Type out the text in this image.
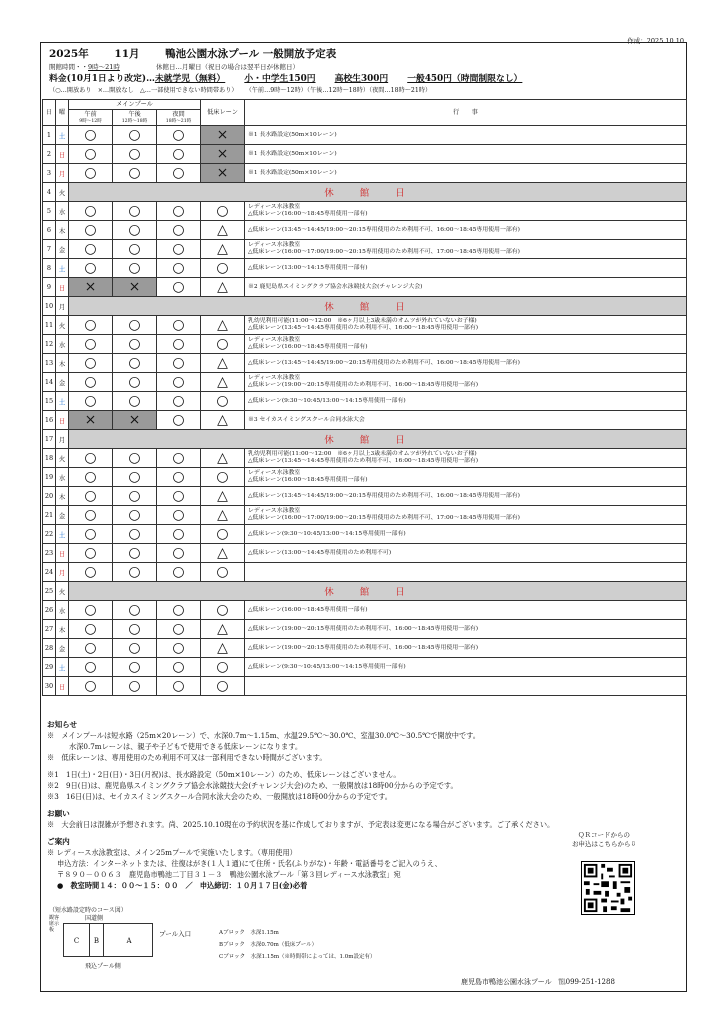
作成：2025.10.10
2025年 11月 鴨池公園水泳プール 一般開放予定表
開館時間・・9時～21時	休館日…月曜日（祝日の場合は翌平日が休館日）
料金(10月1日より改定)…未就学児（無料） 小・中学生150円 高校生300円 一般450円（時間制限なし）
（○…開放あり　×…開放なし　△…一部使用できない時間帯あり） （午前…9時～12時）（午後…12時～18時）（夜間…18時～21時）
日	曜	メインプール			低床レーン	行　　事
		午前
9時～12時	午後
12時～18時	夜間
18時～21時		

1	土	○	○	○	×	※1 長水路設定(50m×10レーン)

2	日	○	○	○	×	※1 長水路設定(50m×10レーン)

3	月	○	○	○	×	※1 長水路設定(50m×10レーン)

4	火	休館日				
5	水	○	○	○	○	レディース水泳教室
△低床レーン(16:00～18:45専用使用一部有)

6	木	○	○	○	△	△低床レーン(13:45～14:45/19:00～20:15専用使用のため利用不可、16:00～18:45専用使用一部有)

7	金	○	○	○	△	レディース水泳教室
△低床レーン(16:00～17:00/19:00～20:15専用使用のため利用不可、17:00～18:45専用使用一部有)

8	土	○	○	○	○	△低床レーン(13:00～14:15専用使用一部有)

9	日	×	×	○	△	※2 鹿児島県スイミングクラブ協会水泳競技大会(チャレンジ大会)

10	月	休館日				
11	火	○	○	○	△	乳幼児利用可能(11:00～12:00　※6ヶ月以上3歳未満のオムツが外れていないお子様)
△低床レーン(13:45～14:45専用使用のため利用不可、16:00～18:45専用使用一部有)

12	水	○	○	○	○	レディース水泳教室
△低床レーン(16:00～18:45専用使用一部有)

13	木	○	○	○	△	△低床レーン(13:45～14:45/19:00～20:15専用使用のため利用不可、16:00～18:45専用使用一部有)

14	金	○	○	○	△	レディース水泳教室
△低床レーン(19:00～20:15専用使用のため利用不可、16:00～18:45専用使用一部有)

15	土	○	○	○	○	△低床レーン(9:30～10:45/13:00～14:15専用使用一部有)

16	日	×	×	○	△	※3 セイカスイミングスクール合同水泳大会

17	月	休館日				
18	火	○	○	○	△	乳幼児利用可能(11:00～12:00　※6ヶ月以上3歳未満のオムツが外れていないお子様)
△低床レーン(13:45～14:45専用使用のため利用不可、16:00～18:45専用使用一部有)

19	水	○	○	○	○	レディース水泳教室
△低床レーン(16:00～18:45専用使用一部有)

20	木	○	○	○	△	△低床レーン(13:45～14:45/19:00～20:15専用使用のため利用不可、16:00～18:45専用使用一部有)

21	金	○	○	○	△	レディース水泳教室
△低床レーン(16:00～17:00/19:00～20:15専用使用のため利用不可、17:00～18:45専用使用一部有)

22	土	○	○	○	○	△低床レーン(9:30～10:45/13:00～14:15専用使用一部有)

23	日	○	○	○	△	△低床レーン(13:00～14:45専用使用のため利用不可)

24	月	○	○	○	○	
25	火	休館日				
26	水	○	○	○	○	△低床レーン(16:00～18:45専用使用一部有)

27	木	○	○	○	△	△低床レーン(19:00～20:15専用使用のため利用不可、16:00～18:45専用使用一部有)

28	金	○	○	○	△	△低床レーン(19:00～20:15専用使用のため利用不可、16:00～18:45専用使用一部有)

29	土	○	○	○	○	△低床レーン(9:30～10:45/13:00～14:15専用使用一部有)

30	日	○	○	○	○	

お知らせ

※　メインプールは短水路（25m×20レーン）で、水深0.7m～1.15m、水温29.5℃～30.0℃、室温30.0℃～30.5℃で開放中です。

水深0.7mレーンは、親子や子どもで使用できる低床レーンになります。

※　低床レーンは、専用使用のため利用不可又は一部利用できない時間がございます。

※1　1日(土)・2日(日)・3日(月祝)は、長水路設定（50m×10レーン）のため、低床レーンはございません。

※2　9日(日)は、鹿児島県スイミングクラブ協会水泳競技大会(チャレンジ大会)のため、一般開放は18時00分からの予定です。

※3　16日(日)は、セイカスイミングスクール合同水泳大会のため、一般開放は18時00分からの予定です。

お願い

※　大会前日は混雑が予想されます。尚、2025.10.10現在の予約状況を基に作成しておりますが、予定表は変更になる場合がございます。ご了承ください。

ご案内

※ レディース水泳教室は、メイン25mプールで実施いたします。（専用使用）

申込方法：インターネットまたは、往復はがき(１人１通)にて住所・氏名(ふりがな)・年齢・電話番号をご記入のうえ、

〒８９０－００６３　鹿児島市鴨池二丁目３１－３　鴨池公園水泳プール「第３回レディース水泳教室」宛

●　教室時間１４：００～１５：００　／　申込締切：１０月１７日(金)必着

ＱＲコードからの
お申込はこちらから⇩
（短水路設定時のコース図）
観客席示板
国道側
C	B	A
飛込プール側
プール入口	Aブロック　水深1.15m
Bブロック　水深0.70m（低床プール）
Cブロック　水深1.15m（※時間帯によっては、1.0m設定有）
鹿児島市鴨池公園水泳プール　℡099-251-1288
